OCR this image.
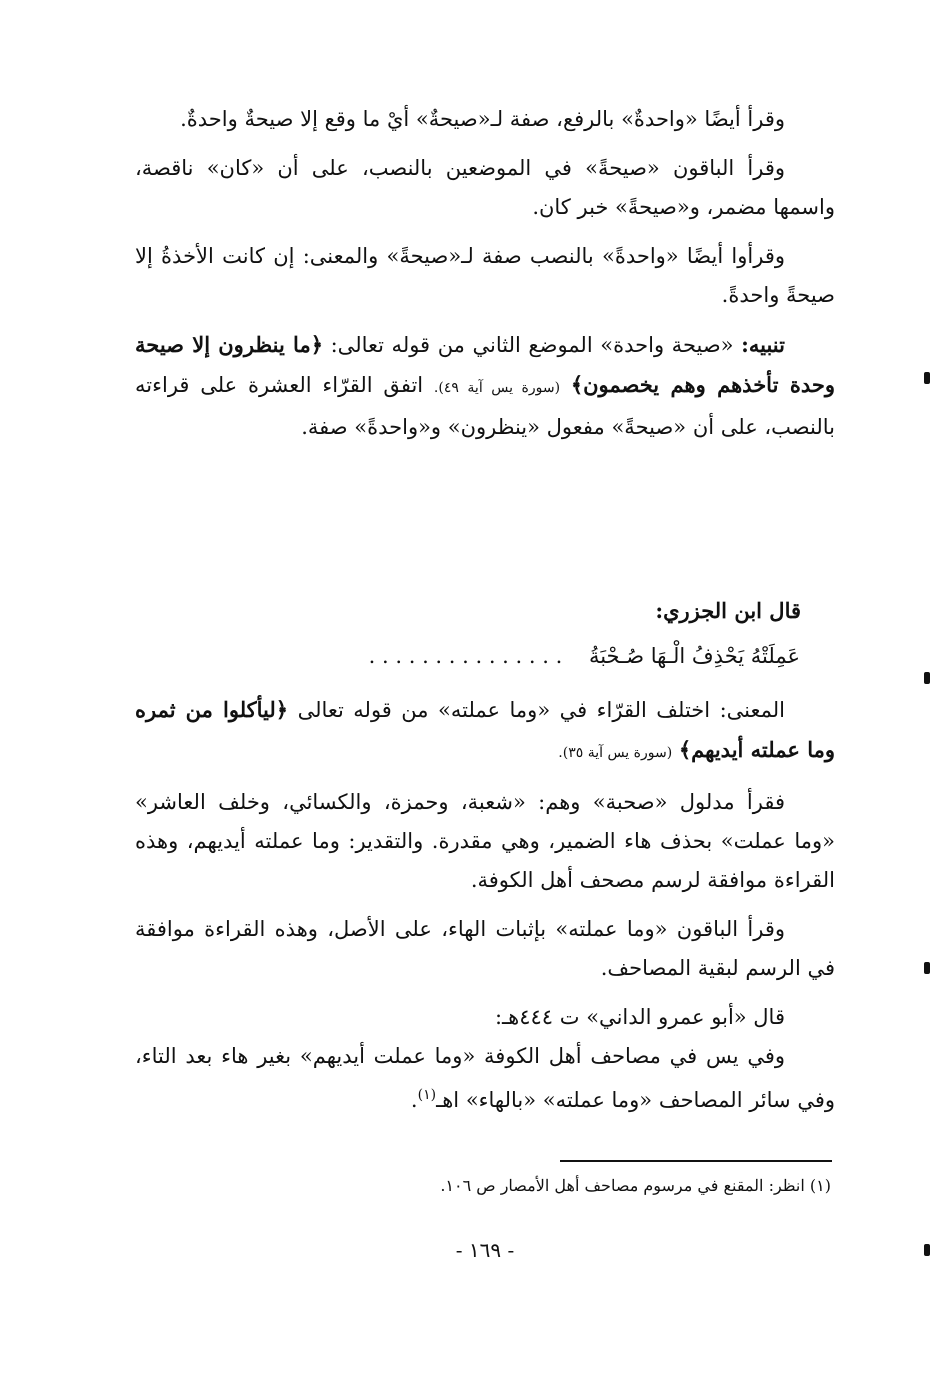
وقرأ أيضًا «واحدةٌ» بالرفع، صفة لـ«صيحةٌ» أيْ ما وقع إلا صيحةٌ واحدةٌ.

وقرأ الباقون «صيحةً» في الموضعين بالنصب، على أن «كان» ناقصة، واسمها مضمر، و«صيحةً» خبر كان.

وقرأوا أيضًا «واحدةً» بالنصب صفة لـ«صيحةً» والمعنى: إن كانت الأخذةُ إلا صيحةً واحدةً.

تنبيه: «صيحة واحدة» الموضع الثاني من قوله تعالى: ﴿ما ينظرون إلا صيحة وحدة تأخذهم وهم يخصمون﴾ (سورة يس آية ٤٩). اتفق القرّاء العشرة على قراءته بالنصب، على أن «صيحةً» مفعول «ينظرون» و«واحدةً» صفة.

قال ابن الجزري:
عَمِلَتْهُ يَحْذِفُ الْـهَا صُـحْبَةُ . . . . . . . . . . . . . . .

المعنى: اختلف القرّاء في «وما عملته» من قوله تعالى ﴿ليأكلوا من ثمره وما عملته أيديهم﴾ (سورة يس آية ٣٥).

فقرأ مدلول «صحبة» وهم: «شعبة، وحمزة، والكسائي، وخلف العاشر» «وما عملت» بحذف هاء الضمير، وهي مقدرة. والتقدير: وما عملته أيديهم، وهذه القراءة موافقة لرسم مصحف أهل الكوفة.

وقرأ الباقون «وما عملته» بإثبات الهاء، على الأصل، وهذه القراءة موافقة في الرسم لبقية المصاحف.

قال «أبو عمرو الداني» ت ٤٤٤هـ:

وفي يس في مصاحف أهل الكوفة «وما عملت أيديهم» بغير هاء بعد التاء، وفي سائر المصاحف «وما عملته» «بالهاء» اهـ$^{(١)}$.

(١) انظر: المقنع في مرسوم مصاحف أهل الأمصار ص ١٠٦.
- ١٦٩ -
